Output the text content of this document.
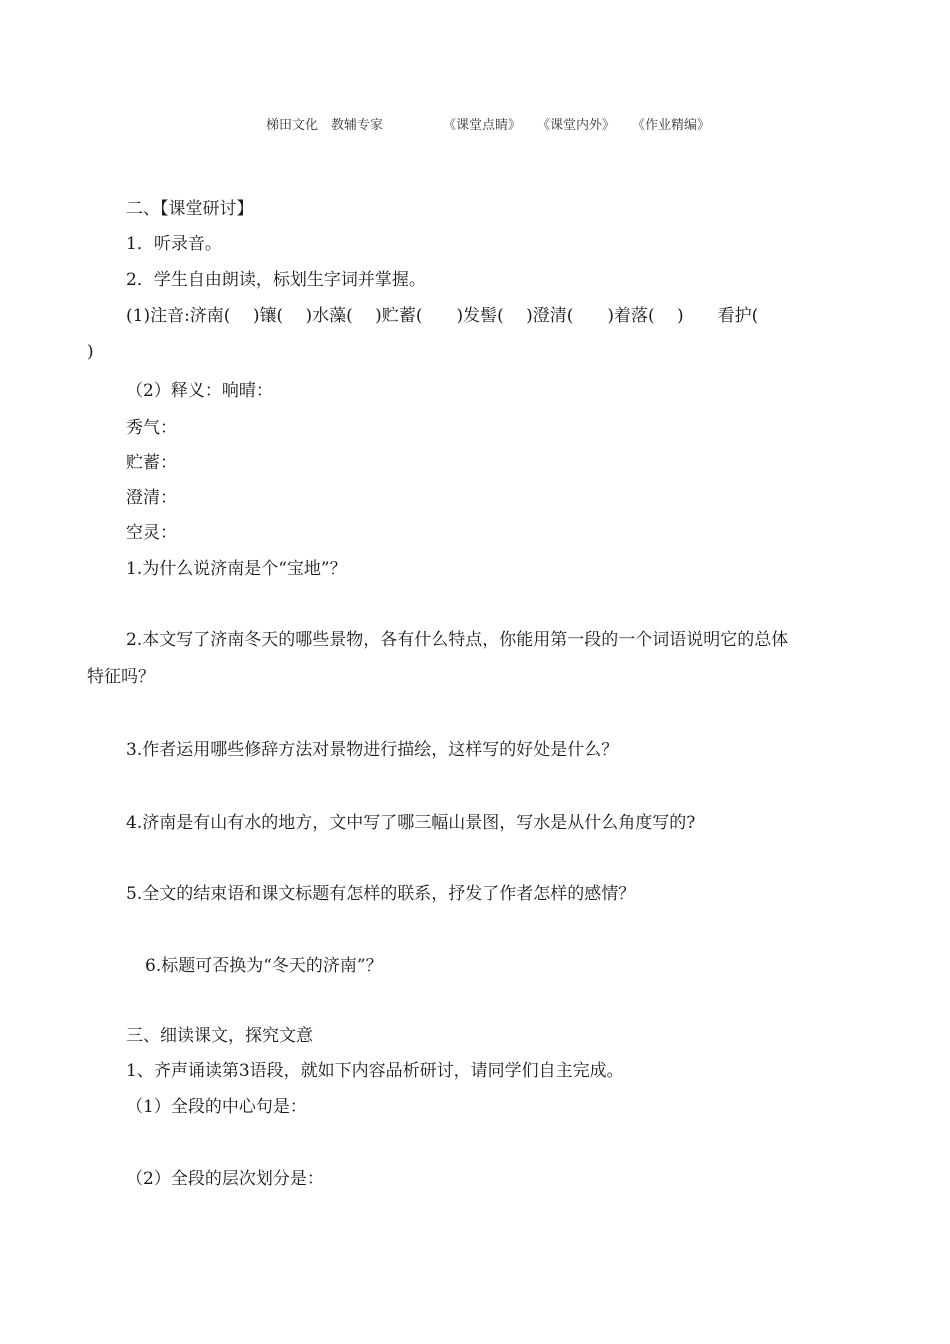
梯田文化　教辅专家	《课堂点睛》 《课堂内外》 《作业精编》
二、【课堂研讨】
1．听录音。
2．学生自由朗读，标划生字词并掌握。
(1)注音:济南(　 )镶(　 )水藻(　 )贮蓄(　　)发髻(　 )澄清(　　)着落(　 )　　看护(
)
（2）释义：响晴：
秀气：
贮蓄：
澄清：
空灵：
1.为什么说济南是个“宝地”？
2.本文写了济南冬天的哪些景物，各有什么特点，你能用第一段的一个词语说明它的总体
特征吗？
3.作者运用哪些修辞方法对景物进行描绘，这样写的好处是什么？
4.济南是有山有水的地方，文中写了哪三幅山景图，写水是从什么角度写的?
5.全文的结束语和课文标题有怎样的联系，抒发了作者怎样的感情？
6.标题可否换为“冬天的济南”？
三、细读课文，探究文意
1、齐声诵读第3语段，就如下内容品析研讨，请同学们自主完成。
（1）全段的中心句是：
（2）全段的层次划分是：
